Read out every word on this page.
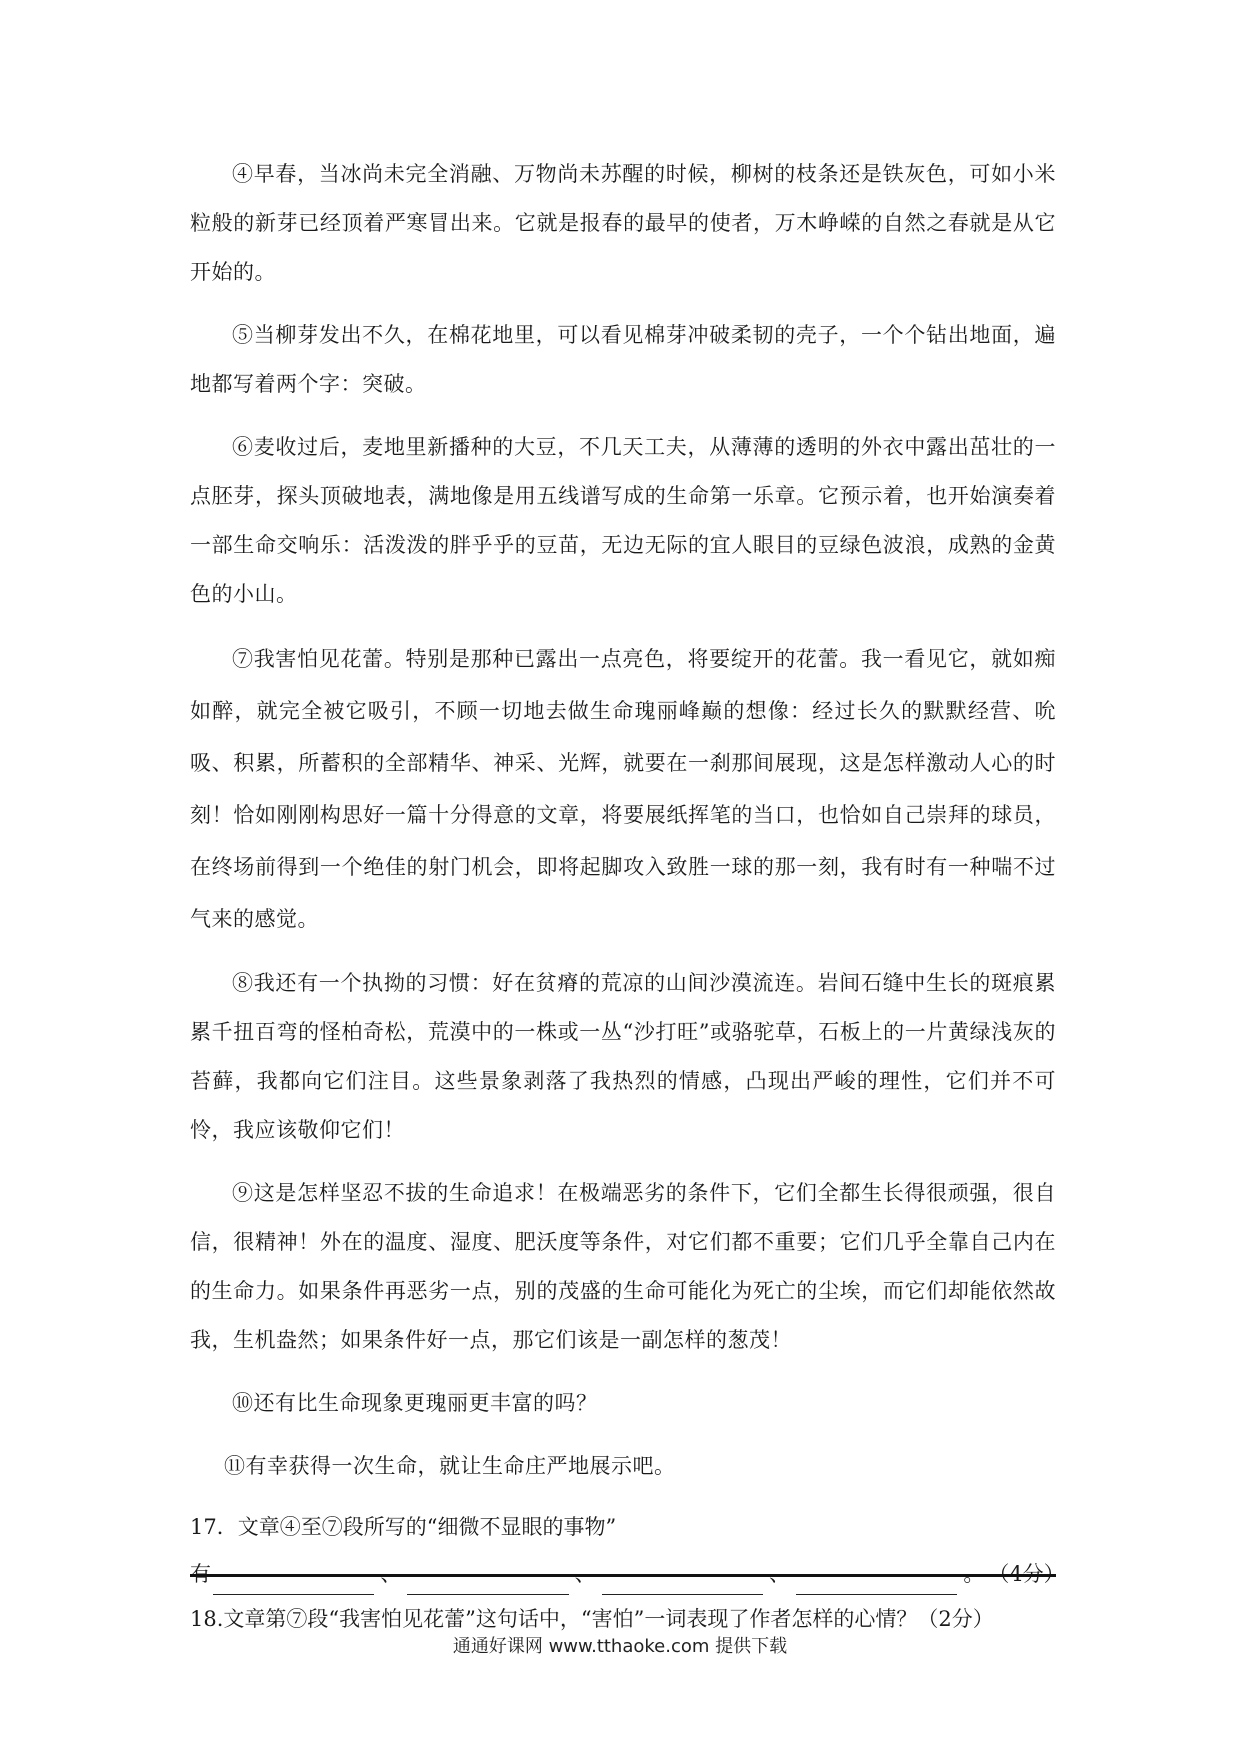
④早春，当冰尚未完全消融、万物尚未苏醒的时候，柳树的枝条还是铁灰色，可如小米粒般的新芽已经顶着严寒冒出来。它就是报春的最早的使者，万木峥嵘的自然之春就是从它开始的。

⑤当柳芽发出不久，在棉花地里，可以看见棉芽冲破柔韧的壳子，一个个钻出地面，遍地都写着两个字：突破。

⑥麦收过后，麦地里新播种的大豆，不几天工夫，从薄薄的透明的外衣中露出茁壮的一点胚芽，探头顶破地表，满地像是用五线谱写成的生命第一乐章。它预示着，也开始演奏着一部生命交响乐：活泼泼的胖乎乎的豆苗，无边无际的宜人眼目的豆绿色波浪，成熟的金黄色的小山。

⑦我害怕见花蕾。特别是那种已露出一点亮色，将要绽开的花蕾。我一看见它，就如痴如醉，就完全被它吸引，不顾一切地去做生命瑰丽峰巅的想像：经过长久的默默经营、吮吸、积累，所蓄积的全部精华、神采、光辉，就要在一刹那间展现，这是怎样激动人心的时刻！恰如刚刚构思好一篇十分得意的文章，将要展纸挥笔的当口，也恰如自己崇拜的球员，在终场前得到一个绝佳的射门机会，即将起脚攻入致胜一球的那一刻，我有时有一种喘不过气来的感觉。

⑧我还有一个执拗的习惯：好在贫瘠的荒凉的山间沙漠流连。岩间石缝中生长的斑痕累累千扭百弯的怪柏奇松，荒漠中的一株或一丛“沙打旺”或骆驼草，石板上的一片黄绿浅灰的苔藓，我都向它们注目。这些景象剥落了我热烈的情感，凸现出严峻的理性，它们并不可怜，我应该敬仰它们！

⑨这是怎样坚忍不拔的生命追求！在极端恶劣的条件下，它们全都生长得很顽强，很自信，很精神！外在的温度、湿度、肥沃度等条件，对它们都不重要；它们几乎全靠自己内在的生命力。如果条件再恶劣一点，别的茂盛的生命可能化为死亡的尘埃，而它们却能依然故我，生机盎然；如果条件好一点，那它们该是一副怎样的葱茂！

⑩还有比生命现象更瑰丽更丰富的吗？

⑪有幸获得一次生命，就让生命庄严地展示吧。

17．文章④至⑦段所写的“细微不显眼的事物”

有	、	、	、	。 （4分）

18.文章第⑦段“我害怕见花蕾”这句话中，“害怕”一词表现了作者怎样的心情？（2分）

通通好课网 www.tthaoke.com 提供下载
